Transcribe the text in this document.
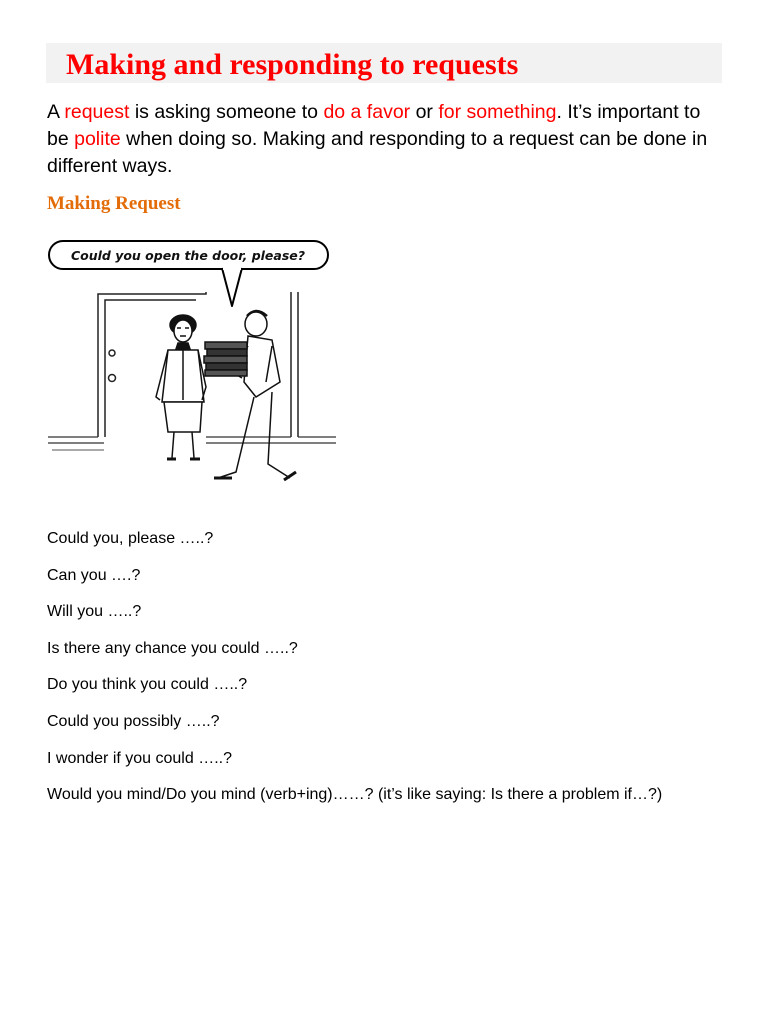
Making and responding to requests

A request is asking someone to do a favor or for something. It’s important to be polite when doing so. Making and responding to a request can be done in different ways.

Making Request
Could you open the door, please?
Could you, please …..?
Can you ….?
Will you …..?
Is there any chance you could …..?
Do you think you could …..?
Could you possibly …..?
I wonder if you could …..?
Would you mind/Do you mind (verb+ing)……? (it’s like saying: Is there a problem if…?)
